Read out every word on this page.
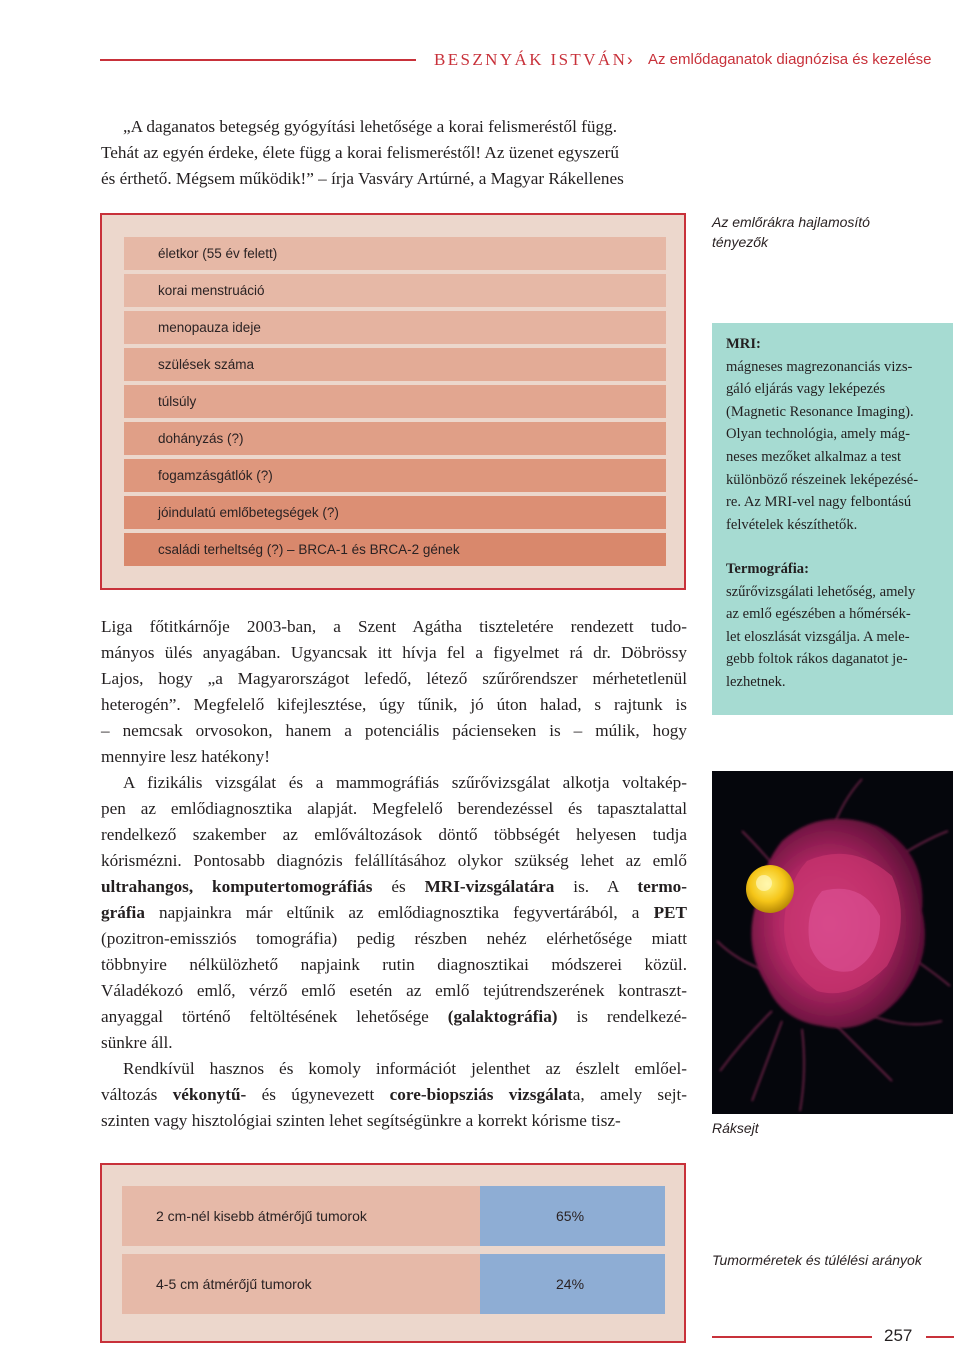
BESZNYÁK ISTVÁN › Az emlődaganatok diagnózisa és kezelése
„A daganatos betegség gyógyítási lehetősége a korai felismeréstől függ.
Tehát az egyén érdeke, élete függ a korai felismeréstől! Az üzenet egyszerű
és érthető. Mégsem működik!” – írja Vasváry Artúrné, a Magyar Rákellenes
életkor (55 év felett)
korai menstruáció
menopauza ideje
szülések száma
túlsúly
dohányzás (?)
fogamzásgátlók (?)
jóindulatú emlőbetegségek (?)
családi terheltség (?) – BRCA-1 és BRCA-2 gének
Az emlőrákra hajlamosító tényezők
MRI:
mágneses magrezonanciás vizs-
gáló eljárás vagy leképezés
(Magnetic Resonance Imaging).
Olyan technológia, amely mág-
neses mezőket alkalmaz a test
különböző részeinek leképezésé-
re. Az MRI-vel nagy felbontású
felvételek készíthetők.
Termográfia:
szűrővizsgálati lehetőség, amely
az emlő egészében a hőmérsék-
let eloszlását vizsgálja. A mele-
gebb foltok rákos daganatot je-
lezhetnek.
Ráksejt
Liga főtitkárnője 2003-ban, a Szent Agátha tiszteletére rendezett tudo-
mányos ülés anyagában. Ugyancsak itt hívja fel a figyelmet rá dr. Döbrössy
Lajos, hogy „a Magyarországot lefedő, létező szűrőrendszer mérhetetlenül
heterogén”. Megfelelő kifejlesztése, úgy tűnik, jó úton halad, s rajtunk is
– nemcsak orvosokon, hanem a potenciális pácienseken is – múlik, hogy
mennyire lesz hatékony!
A fizikális vizsgálat és a mammográfiás szűrővizsgálat alkotja voltakép-
pen az emlődiagnosztika alapját. Megfelelő berendezéssel és tapasztalattal
rendelkező szakember az emlőváltozások döntő többségét helyesen tudja
kórismézni. Pontosabb diagnózis felállításához olykor szükség lehet az emlő
ultrahangos, komputertomográfiás és MRI-vizsgálatára is. A termo-
gráfia napjainkra már eltűnik az emlődiagnosztika fegyvertárából, a PET
(pozitron-emissziós tomográfia) pedig részben nehéz elérhetősége miatt
többnyire nélkülözhető napjaink rutin diagnosztikai módszerei közül.
Váladékozó emlő, vérző emlő esetén az emlő tejútrendszerének kontraszt-
anyaggal történő feltöltésének lehetősége (galaktográfia) is rendelkezé-
sünkre áll.
Rendkívül hasznos és komoly információt jelenthet az észlelt emlőel-
változás vékonytű- és úgynevezett core-biopsziás vizsgálata, amely sejt-
szinten vagy hisztológiai szinten lehet segítségünkre a korrekt kórisme tisz-
2 cm-nél kisebb átmérőjű tumorok	65%
4-5 cm átmérőjű tumorok	24%
Tumorméretek és túlélési arányok
257
